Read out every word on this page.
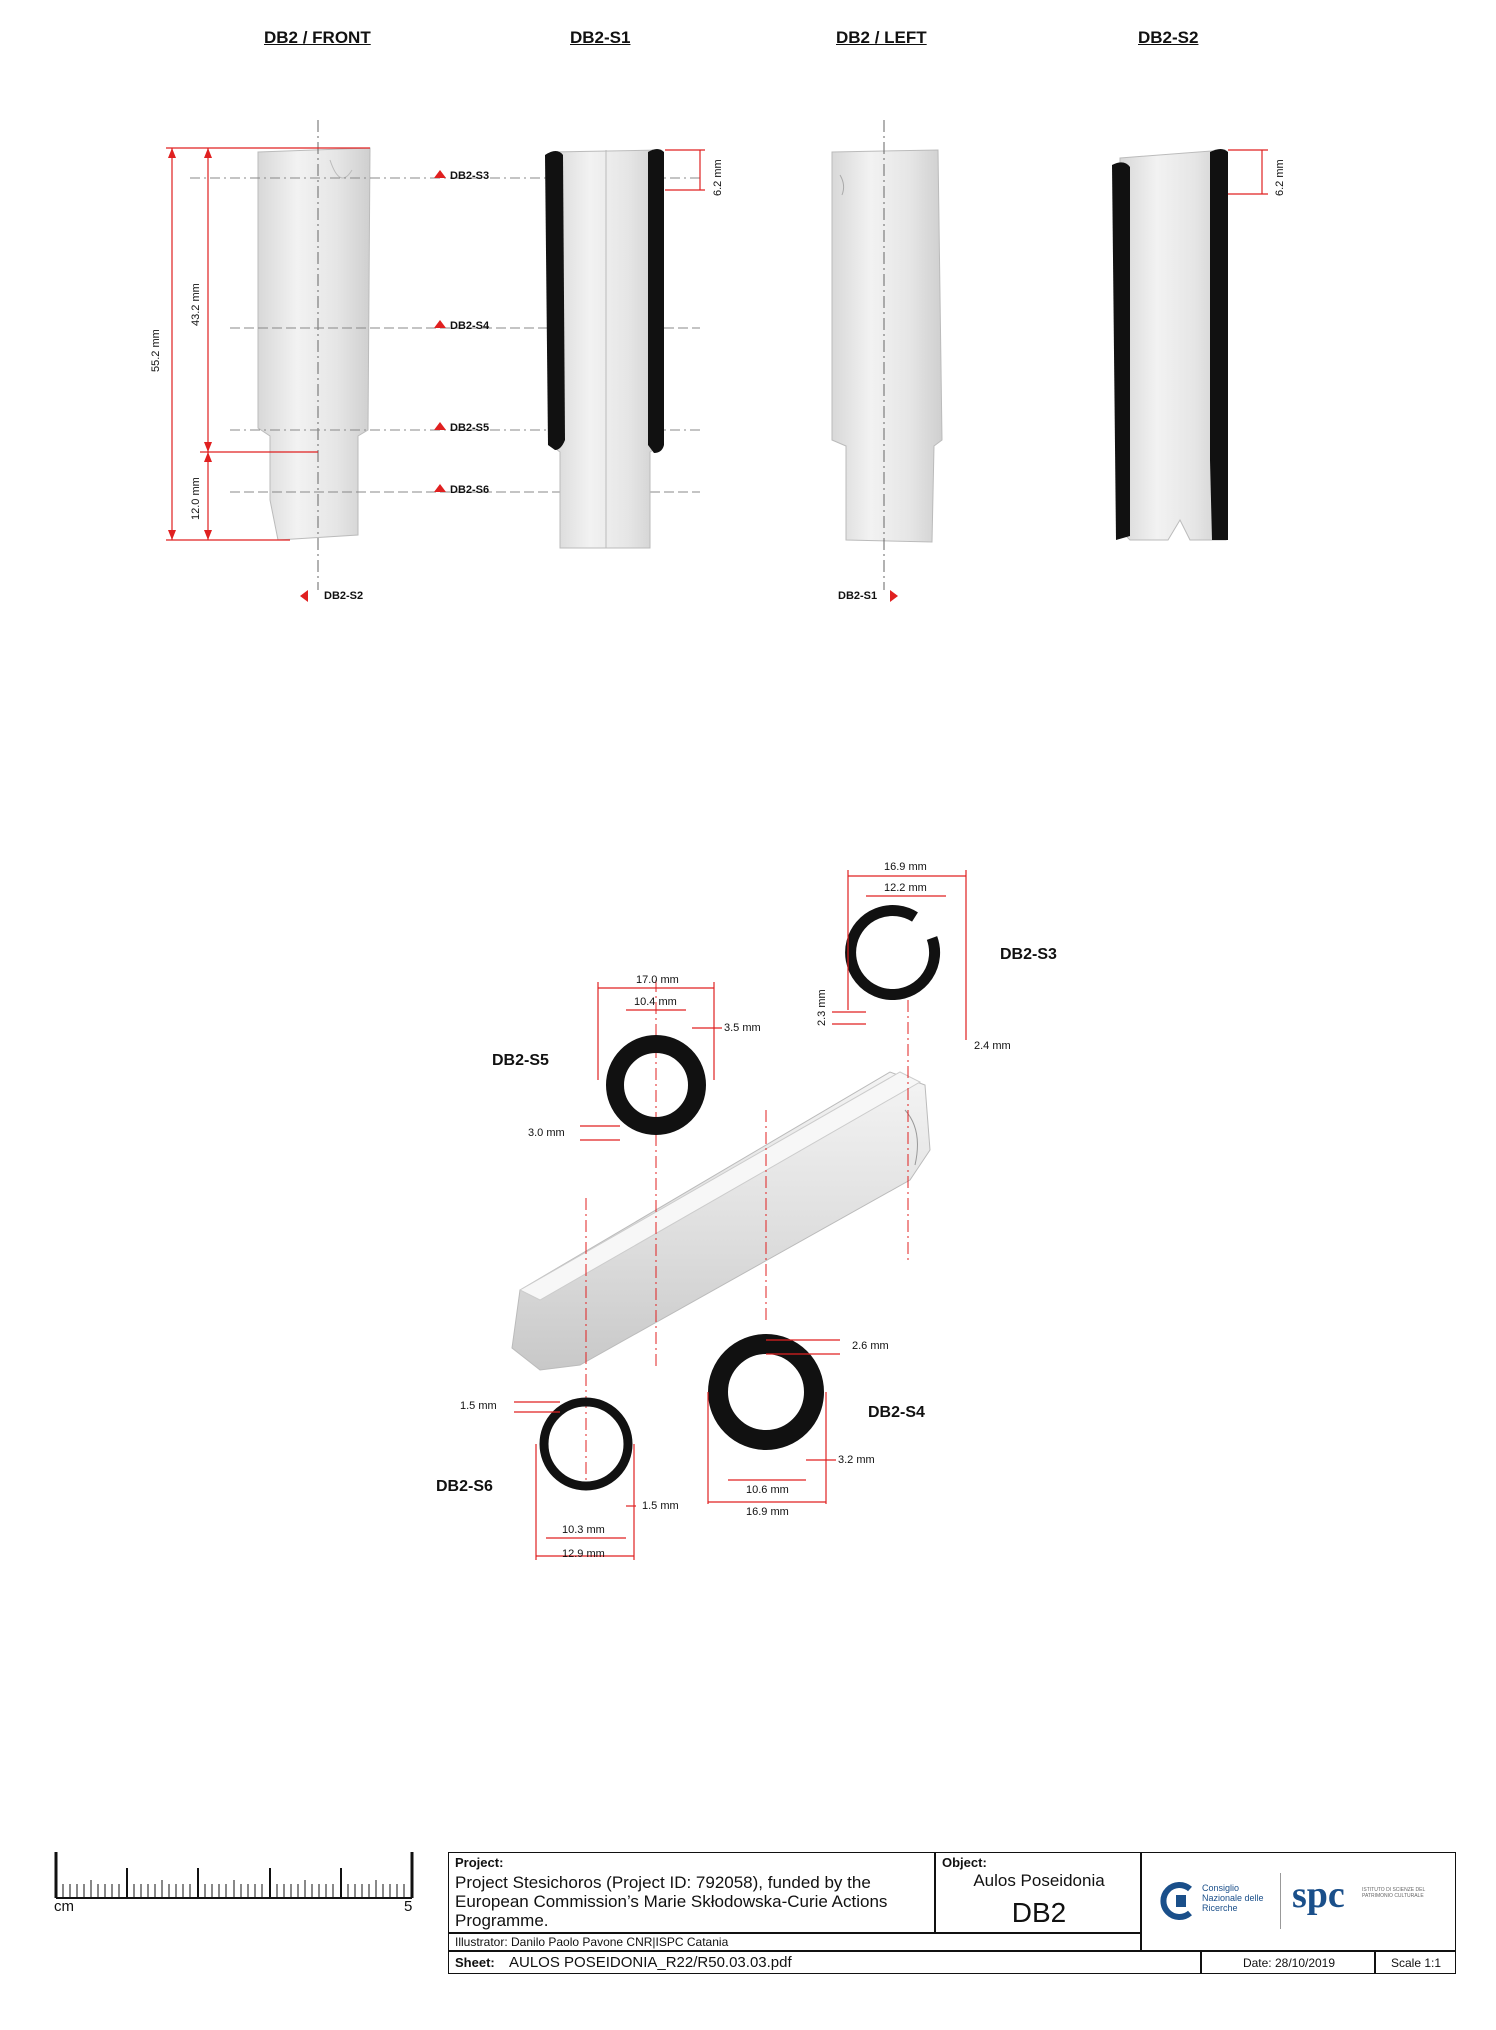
DB2 / FRONT	DB2-S1	DB2 / LEFT	DB2-S2
DB2-S3
DB2-S4
DB2-S5
DB2-S6
DB2-S2	DB2-S1
55.2 mm
43.2 mm
12.0 mm
6.2 mm	6.2 mm
DB2-S3
DB2-S5
DB2-S4
DB2-S6
16.9 mm
12.2 mm
2.3 mm
2.4 mm
17.0 mm
10.4 mm
3.5 mm
3.0 mm
2.6 mm
3.2 mm
10.6 mm
16.9 mm
1.5 mm
1.5 mm
10.3 mm
12.9 mm
cm	5
Project:
Project Stesichoros (Project ID: 792058), funded by the European Commission’s Marie Skłodowska-Curie Actions Programme.
Object:
Aulos Poseidonia
DB2
Consiglio Nazionale delle Ricerche	spc	ISTITUTO DI SCIENZE DEL PATRIMONIO CULTURALE
Illustrator: Danilo Paolo Pavone CNR|ISPC Catania
Sheet: AULOS POSEIDONIA_R22/R50.03.03.pdf	Date: 28/10/2019	Scale 1:1
